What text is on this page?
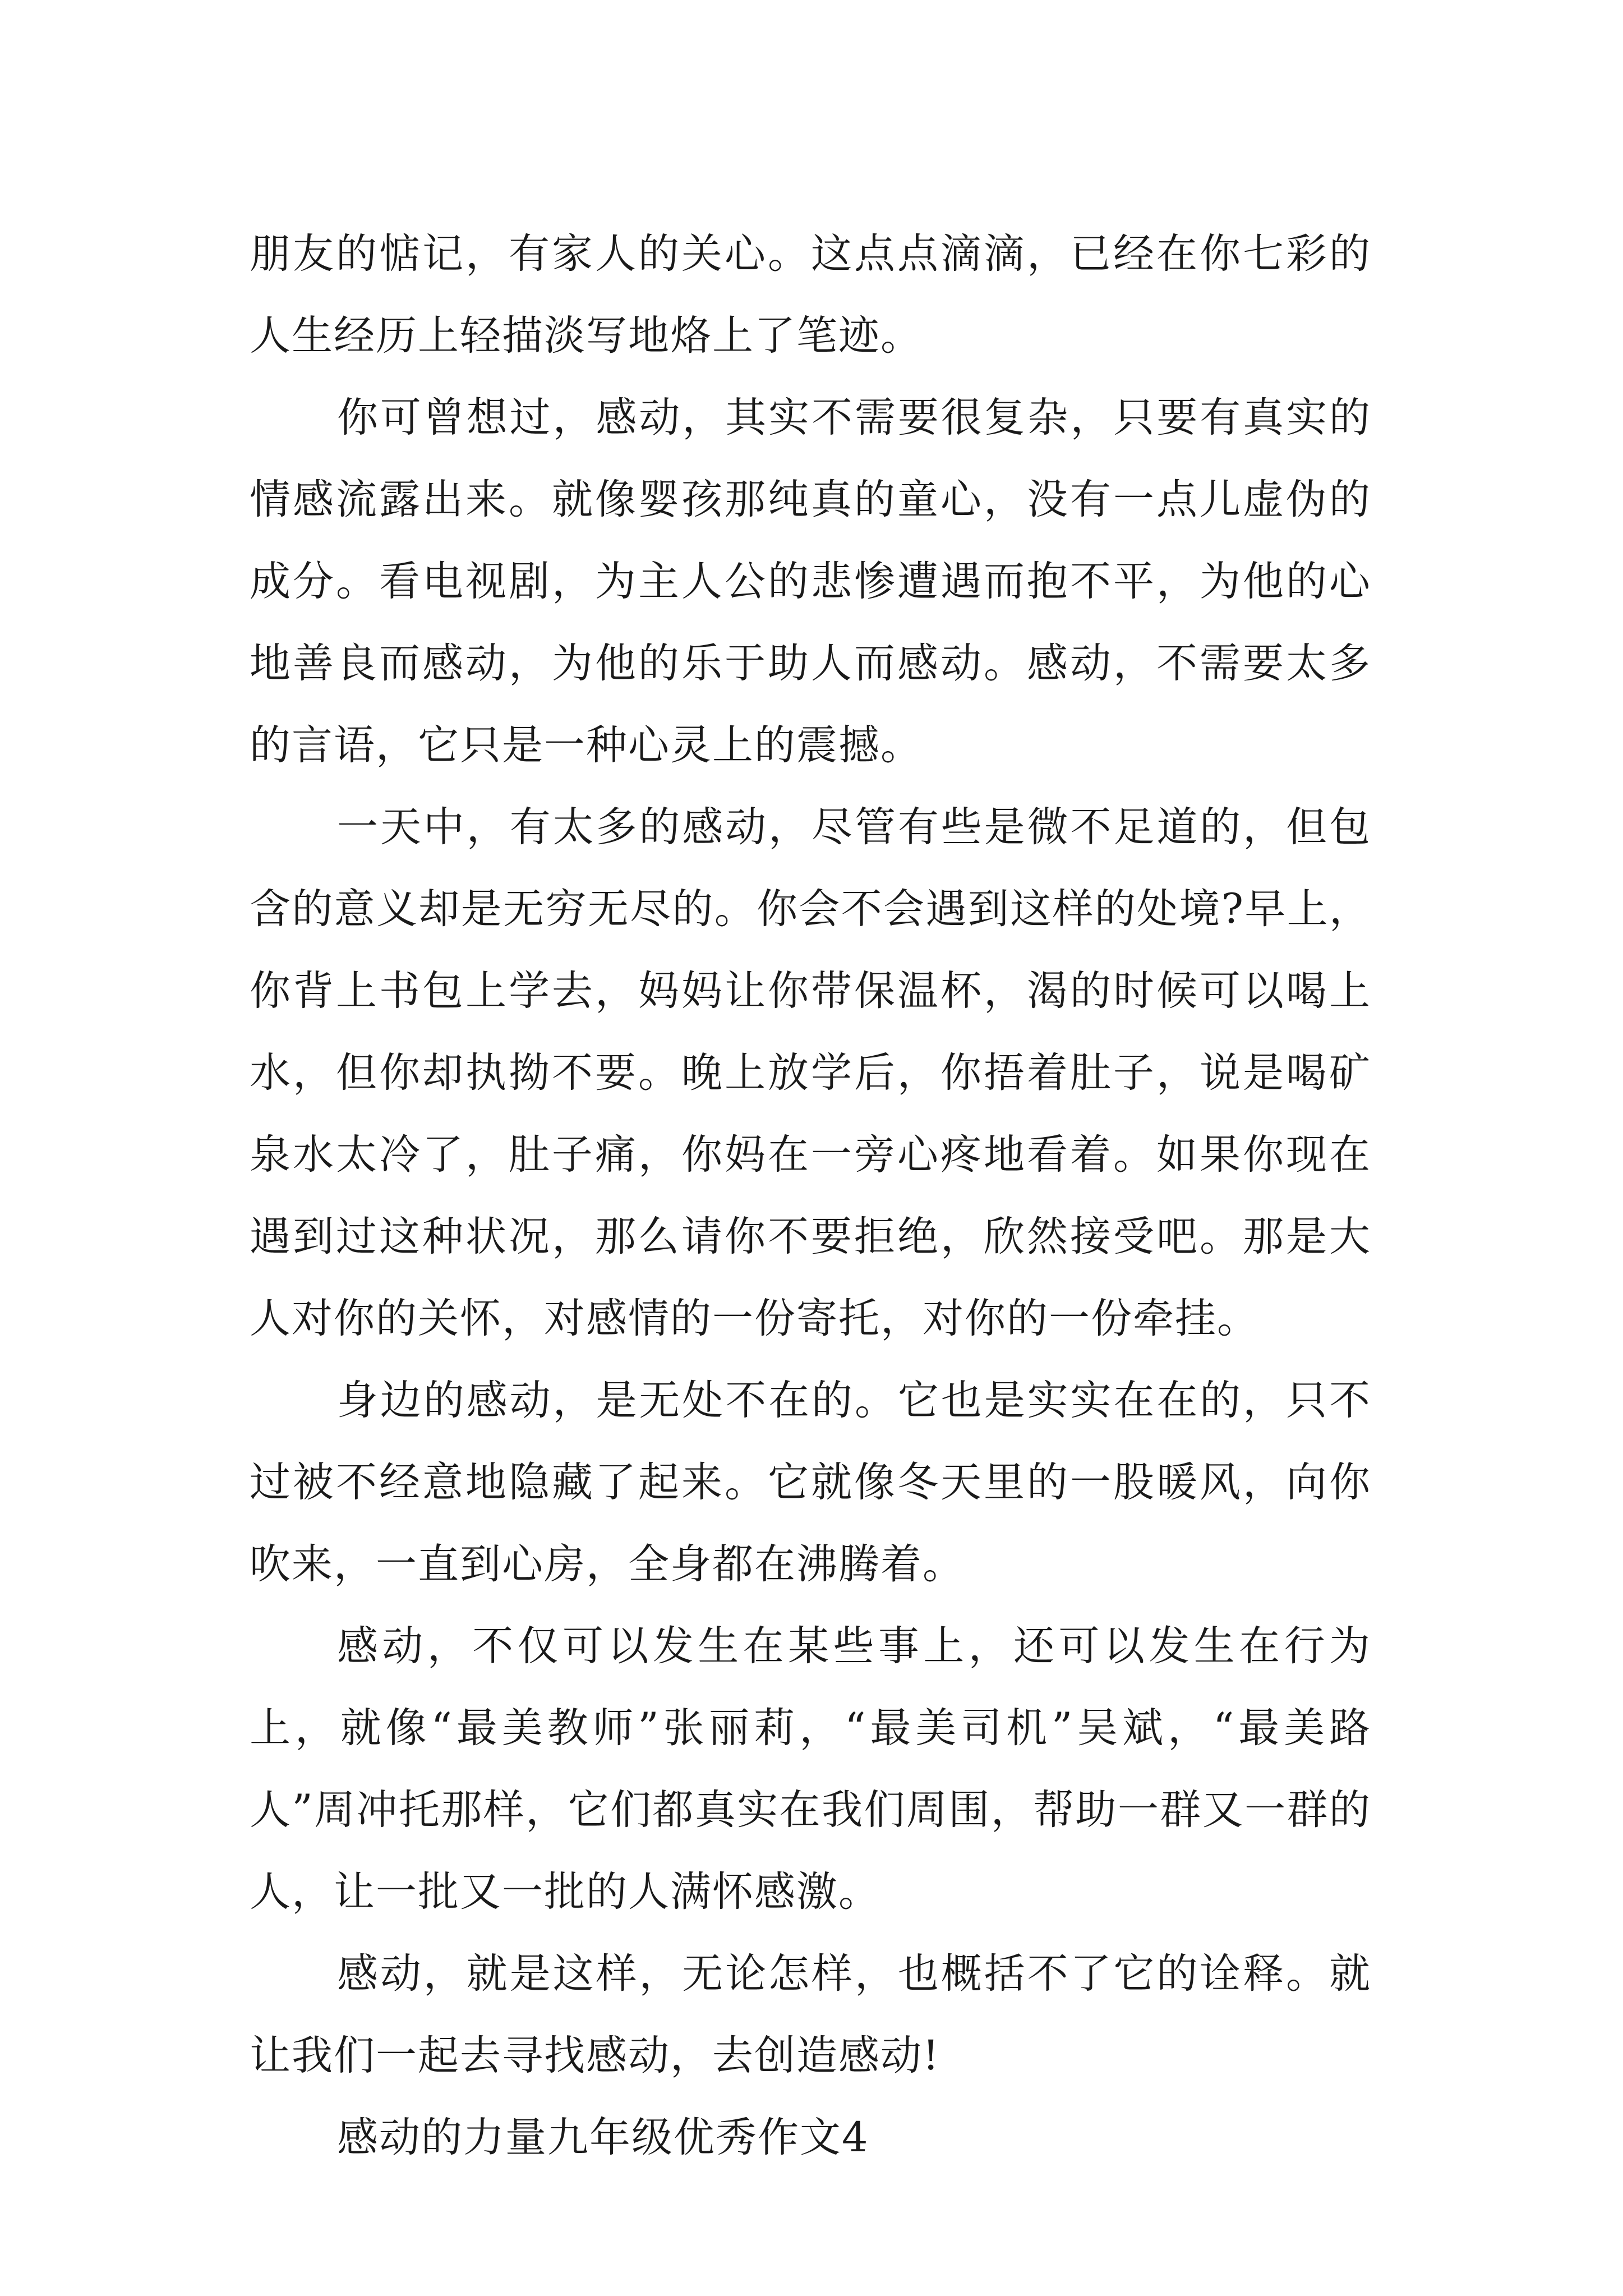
朋友的惦记，有家人的关心。这点点滴滴，已经在你七彩的人生经历上轻描淡写地烙上了笔迹。

你可曾想过，感动，其实不需要很复杂，只要有真实的情感流露出来。就像婴孩那纯真的童心，没有一点儿虚伪的成分。看电视剧，为主人公的悲惨遭遇而抱不平，为他的心地善良而感动，为他的乐于助人而感动。感动，不需要太多的言语，它只是一种心灵上的震撼。

一天中，有太多的感动，尽管有些是微不足道的，但包含的意义却是无穷无尽的。你会不会遇到这样的处境?早上，你背上书包上学去，妈妈让你带保温杯，渴的时候可以喝上水，但你却执拗不要。晚上放学后，你捂着肚子，说是喝矿泉水太冷了，肚子痛，你妈在一旁心疼地看着。如果你现在遇到过这种状况，那么请你不要拒绝，欣然接受吧。那是大人对你的关怀，对感情的一份寄托，对你的一份牵挂。

身边的感动，是无处不在的。它也是实实在在的，只不过被不经意地隐藏了起来。它就像冬天里的一股暖风，向你吹来，一直到心房，全身都在沸腾着。

感动，不仅可以发生在某些事上，还可以发生在行为上，就像“最美教师”张丽莉，“最美司机”吴斌，“最美路人”周冲托那样，它们都真实在我们周围，帮助一群又一群的人，让一批又一批的人满怀感激。

感动，就是这样，无论怎样，也概括不了它的诠释。就让我们一起去寻找感动，去创造感动!

感动的力量九年级优秀作文4
